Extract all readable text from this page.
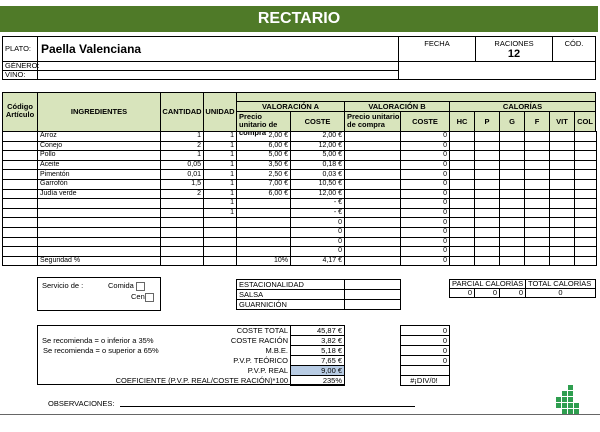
RECTARIO
PLATO: Paella Valenciana	FECHA	RACIONES
12
CÓD.
GÉNERO:
VINO:
Código Artículo	INGREDIENTES	CANTIDAD UNIDAD
VALORACIÓN A
Precio unitario de compra
COSTE
VALORACIÓN B
Precio unitario de compra	COSTE
CALORÍAS
HC	P	G	F	VIT	COL
	Arroz	1	1	2,00 €	2,00 €		0						
	Conejo	2	1	6,00 €	12,00 €		0						
	Pollo	1	1	5,00 €	5,00 €		0						
	Aceite	0,05	1	3,50 €	0,18 €		0						
	Pimentón	0,01	1	2,50 €	0,03 €		0						
	Garrofón	1,5	1	7,00 €	10,50 €		0						
	Judía verde	2	1	6,00 €	12,00 €		0						
			1		- €		0						
			1		- €		0						
					0		0						
					0		0						
					0		0						
					0		0						
	Seguridad %			10%	4,17 €		0						
Servicio de :	Comida
Cen
ESTACIONALIDAD
SALSA
GUARNICIÓN
PARCIAL CALORÍAS TOTAL CALORÍAS
0	0	0	0
COSTE TOTAL	45,87 €	0
COSTE RACIÓN	3,82 €	0
M.B.E.	5,18 €	0
P.V.P. TEÓRICO	7,65 €	0
P.V.P. REAL	9,00 €
COEFICIENTE (P.V.P. REAL/COSTE RACIÓN)*100	235%	#¡DIV/0!
Se recomienda = o inferior a 35%
Se recomienda = o superior a 65%
OBSERVACIONES:
